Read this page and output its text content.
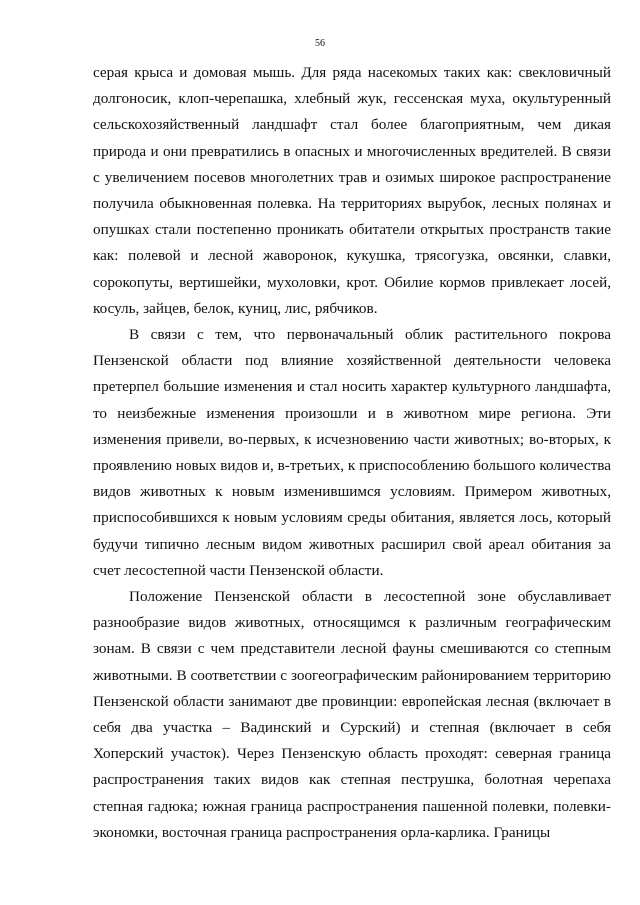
56

серая крыса и домовая мышь. Для ряда насекомых таких как: свекловичный долгоносик, клоп-черепашка, хлебный жук, гессенская муха, окультуренный сельскохозяйственный ландшафт стал более благоприятным, чем дикая природа и они превратились в опасных и многочисленных вредителей. В связи с увеличением посевов многолетних трав и озимых широкое распространение получила обыкновенная полевка. На территориях вырубок, лесных полянах и опушках стали постепенно проникать обитатели открытых пространств такие как: полевой и лесной жаворонок, кукушка, трясогузка, овсянки, славки, сорокопуты, вертишейки, мухоловки, крот. Обилие кормов привлекает лосей, косуль, зайцев, белок, куниц, лис, рябчиков.

В связи с тем, что первоначальный облик растительного покрова Пензенской области под влияние хозяйственной деятельности человека претерпел большие изменения и стал носить характер культурного ландшафта, то неизбежные изменения произошли и в животном мире региона. Эти изменения привели, во-первых, к исчезновению части животных; во-вторых, к проявлению новых видов и, в-третьих, к приспособлению большого количества видов животных к новым изменившимся условиям. Примером животных, приспособившихся к новым условиям среды обитания, является лось, который будучи типично лесным видом животных расширил свой ареал обитания за счет лесостепной части Пензенской области.

Положение Пензенской области в лесостепной зоне обуславливает разнообразие видов животных, относящимся к различным географическим зонам. В связи с чем представители лесной фауны смешиваются со степным животными. В соответствии с зоогеографическим районированием территорию Пензенской области занимают две провинции: европейская лесная (включает в себя два участка – Вадинский и Сурский) и степная (включает в себя Хоперский участок). Через Пензенскую область проходят: северная граница распространения таких видов как степная пеструшка, болотная черепаха степная гадюка; южная граница распространения пашенной полевки, полевки-экономки, восточная граница распространения орла-карлика. Границы
